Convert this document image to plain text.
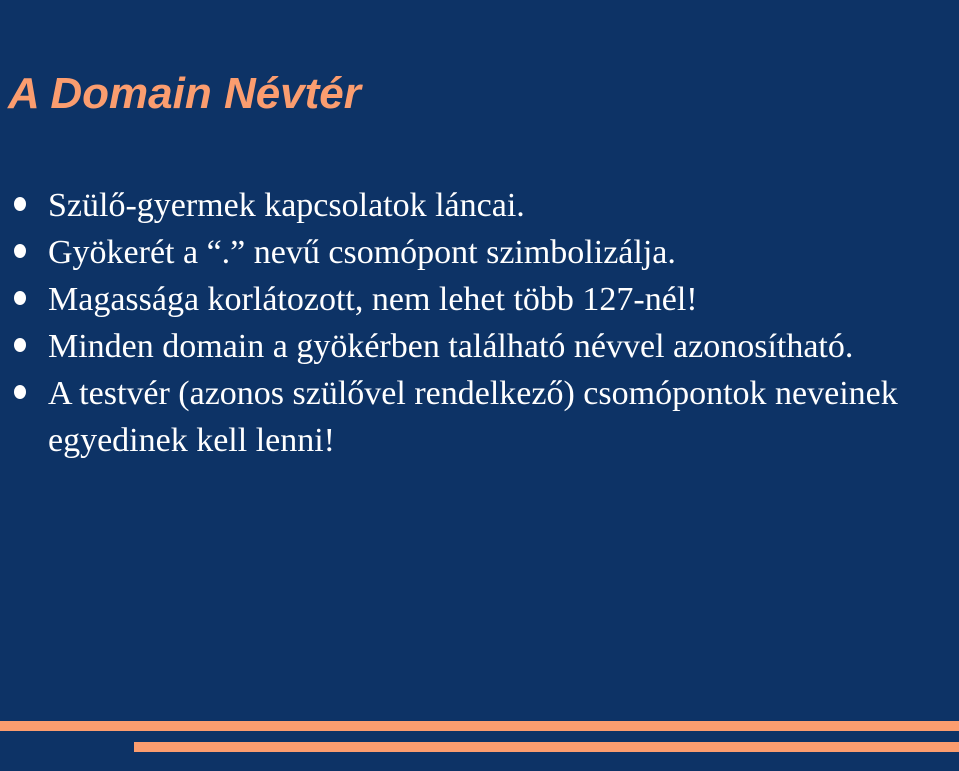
A Domain Névtér
Szülő-gyermek kapcsolatok láncai.
Gyökerét a “.” nevű csomópont szimbolizálja.
Magassága korlátozott, nem lehet több 127-nél!
Minden domain a gyökérben található névvel azonosítható.
A testvér (azonos szülővel rendelkező) csomópontok neveinek egyedinek kell lenni!
